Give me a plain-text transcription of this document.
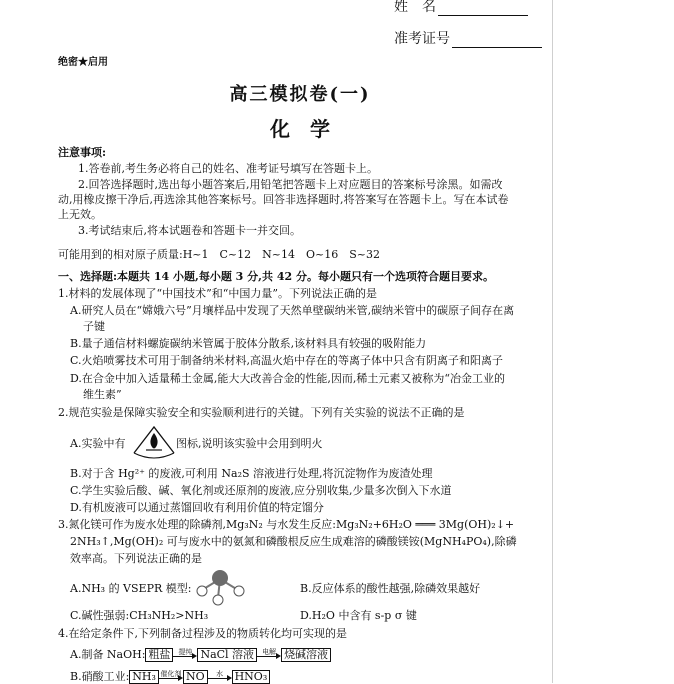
姓　名
准考证号
绝密★启用
高三模拟卷(一)
化　学
注意事项:
1.答卷前,考生务必将自己的姓名、准考证号填写在答题卡上。
2.回答选择题时,选出每小题答案后,用铅笔把答题卡上对应题目的答案标号涂黑。如需改
动,用橡皮擦干净后,再选涂其他答案标号。回答非选择题时,将答案写在答题卡上。写在本试卷
上无效。
3.考试结束后,将本试题卷和答题卡一并交回。
可能用到的相对原子质量:H~1　C~12　N~14　O~16　S~32
一、选择题:本题共 14 小题,每小题 3 分,共 42 分。每小题只有一个选项符合题目要求。
1.材料的发展体现了“中国技术”和“中国力量”。下列说法正确的是
A.研究人员在“嫦娥六号”月壤样品中发现了天然单壁碳纳米管,碳纳米管中的碳原子间存在离
子键
B.量子通信材料螺旋碳纳米管属于胶体分散系,该材料具有较强的吸附能力
C.火焰喷雾技术可用于制备纳米材料,高温火焰中存在的等离子体中只含有阴离子和阳离子
D.在合金中加入适量稀土金属,能大大改善合金的性能,因而,稀土元素又被称为“冶金工业的
维生素”
2.规范实验是保障实验安全和实验顺利进行的关键。下列有关实验的说法不正确的是
A.实验中有	图标,说明该实验中会用到明火
B.对于含 Hg²⁺ 的废液,可利用 Na₂S 溶液进行处理,将沉淀物作为废渣处理
C.学生实验后酸、碱、氧化剂或还原剂的废液,应分别收集,少量多次倒入下水道
D.有机废液可以通过蒸馏回收有利用价值的特定馏分
3.氮化镁可作为废水处理的除磷剂,Mg₃N₂ 与水发生反应:Mg₃N₂+6H₂O ═══ 3Mg(OH)₂↓+
2NH₃↑,Mg(OH)₂ 可与废水中的氨氮和磷酸根反应生成难溶的磷酸镁铵(MgNH₄PO₄),除磷
效率高。下列说法正确的是
A.NH₃ 的 VSEPR 模型:	B.反应体系的酸性越强,除磷效果越好
C.碱性强弱:CH₃NH₂>NH₃	D.H₂O 中含有 s-p σ 键
4.在给定条件下,下列制备过程涉及的物质转化均可实现的是
A.制备 NaOH: 粗盐	提纯 NaCl 溶液	电解 烧碱溶液
B.硝酸工业: NH₃ 催化剂 NO	水	HNO₃
